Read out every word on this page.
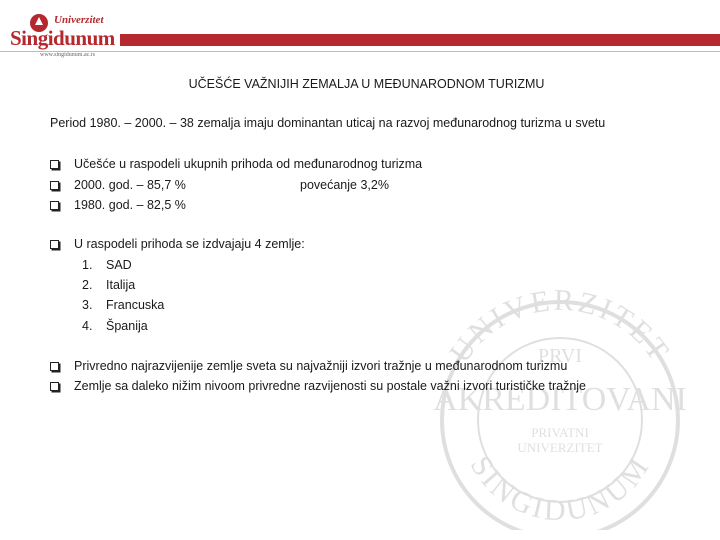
Univerzitet
Singidunum
www.singidunum.ac.rs
UNIVERZITET
SINGIDUNUM
PRVI
AKREDITOVANI
PRIVATNI
UNIVERZITET
UČEŠĆE VAŽNIJIH ZEMALJA U MEĐUNARODNOM TURIZMU
Period 1980. – 2000. – 38 zemalja imaju dominantan uticaj na razvoj međunarodnog turizma u svetu
Učešće u raspodeli ukupnih prihoda od međunarodnog turizma
2000. god. – 85,7 %	povećanje 3,2%
1980. god. – 82,5 %
U raspodeli prihoda se izdvajaju 4 zemlje:
1. SAD
2. Italija
3. Francuska
4. Španija
Privredno najrazvijenije zemlje sveta su najvažniji izvori tražnje u međunarodnom turizmu
Zemlje sa daleko nižim nivoom privredne razvijenosti su postale važni izvori turističke tražnje
